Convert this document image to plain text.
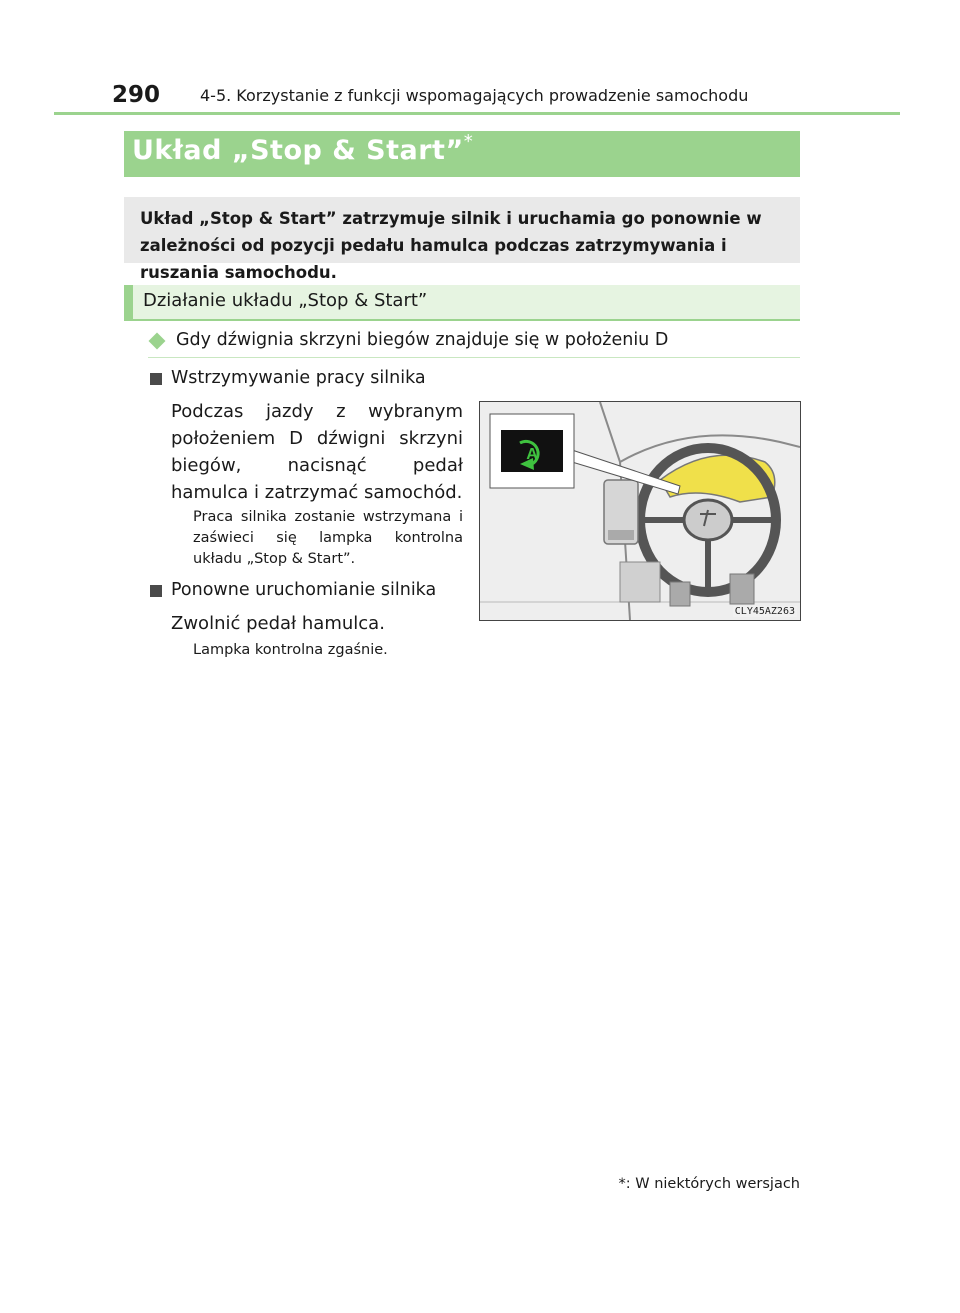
290 4-5. Korzystanie z funkcji wspomagających prowadzenie samochodu
Układ „Stop & Start”*
Układ „Stop & Start” zatrzymuje silnik i uruchamia go ponownie w zależności od pozycji pedału hamulca podczas zatrzymywania i ruszania samochodu.
Działanie układu „Stop & Start”
Gdy dźwignia skrzyni biegów znajduje się w położeniu D
Wstrzymywanie pracy silnika
Podczas jazdy z wybranym położeniem D dźwigni skrzyni biegów, nacisnąć pedał hamulca i zatrzymać samochód.
Praca silnika zostanie wstrzymana i zaświeci się lampka kontrolna układu „Stop & Start”.
Ponowne uruchomianie silnika
Zwolnić pedał hamulca.
Lampka kontrolna zgaśnie.
A
CLY45AZ263
*: W niektórych wersjach
